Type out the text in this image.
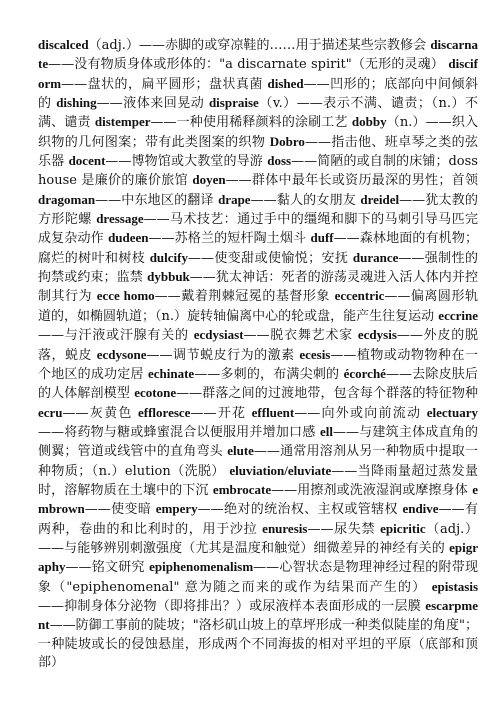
discalced（adj.）——赤脚的或穿凉鞋的……用于描述某些宗教修会 discarnate——没有物质身体或形体的："a discarnate spirit"（无形的灵魂） disciform——盘状的，扁平圆形；盘状真菌 dished——凹形的；底部向中间倾斜的 dishing——液体来回晃动 dispraise（v.）——表示不满、谴责；（n.）不满、谴责 distemper——一种使用稀释颜料的涂刷工艺 dobby（n.）——织入织物的几何图案；带有此类图案的织物 Dobro——指击他、班卓琴之类的弦乐器 docent——博物馆或大教堂的导游 doss——简陋的或自制的床铺；dosshouse 是廉价的廉价旅馆 doyen——群体中最年长或资历最深的男性；首领 dragoman——中东地区的翻译 drape——黏人的女朋友 dreidel——犹太教的方形陀螺 dressage——马术技艺：通过手中的缰绳和脚下的马刺引导马匹完成复杂动作 dudeen——苏格兰的短杆陶土烟斗 duff——森林地面的有机物；腐烂的树叶和树枝 dulcify——使变甜或使愉悦；安抚 durance——强制性的拘禁或约束；监禁 dybbuk——犹太神话：死者的游荡灵魂进入活人体内并控制其行为 ecce homo——戴着荆棘冠冕的基督形象 eccentric——偏离圆形轨道的，如椭圆轨道；（n.）旋转轴偏离中心的轮或盘，能产生往复运动 eccrine——与汗液或汗腺有关的 ecdysiast——脱衣舞艺术家 ecdysis——外皮的脱落，蜕皮 ecdysone——调节蜕皮行为的激素 ecesis——植物或动物物种在一个地区的成功定居 echinate——多刺的，布满尖刺的 écorché——去除皮肤后的人体解剖模型 ecotone——群落之间的过渡地带，包含每个群落的特征物种 ecru——灰黄色 effloresce——开花 effluent——向外或向前流动 electuary——将药物与糖或蜂蜜混合以便服用并增加口感 ell——与建筑主体成直角的侧翼；管道或线管中的直角弯头 elute——通常用溶剂从另一种物质中提取一种物质；（n.）elution（洗脱） eluviation/eluviate——当降雨量超过蒸发量时，溶解物质在土壤中的下沉 embrocate——用擦剂或洗液湿润或摩擦身体 embrown——使变暗 empery——绝对的统治权、主权或管辖权 endive——有两种，卷曲的和比利时的，用于沙拉 enuresis——尿失禁 epicritic（adj.）——与能够辨别刺激强度（尤其是温度和触觉）细微差异的神经有关的 epigraphy——铭文研究 epiphenomenalism——心智状态是物理神经过程的附带现象（"epiphenomenal" 意为随之而来的或作为结果而产生的） epistasis——抑制身体分泌物（即将排出？）或尿液样本表面形成的一层膜 escarpment——防御工事前的陡坡；"洛杉矶山坡上的草坪形成一种类似陡崖的角度"；一种陡坡或长的侵蚀悬崖，形成两个不同海拔的相对平坦的平原（底部和顶部）
